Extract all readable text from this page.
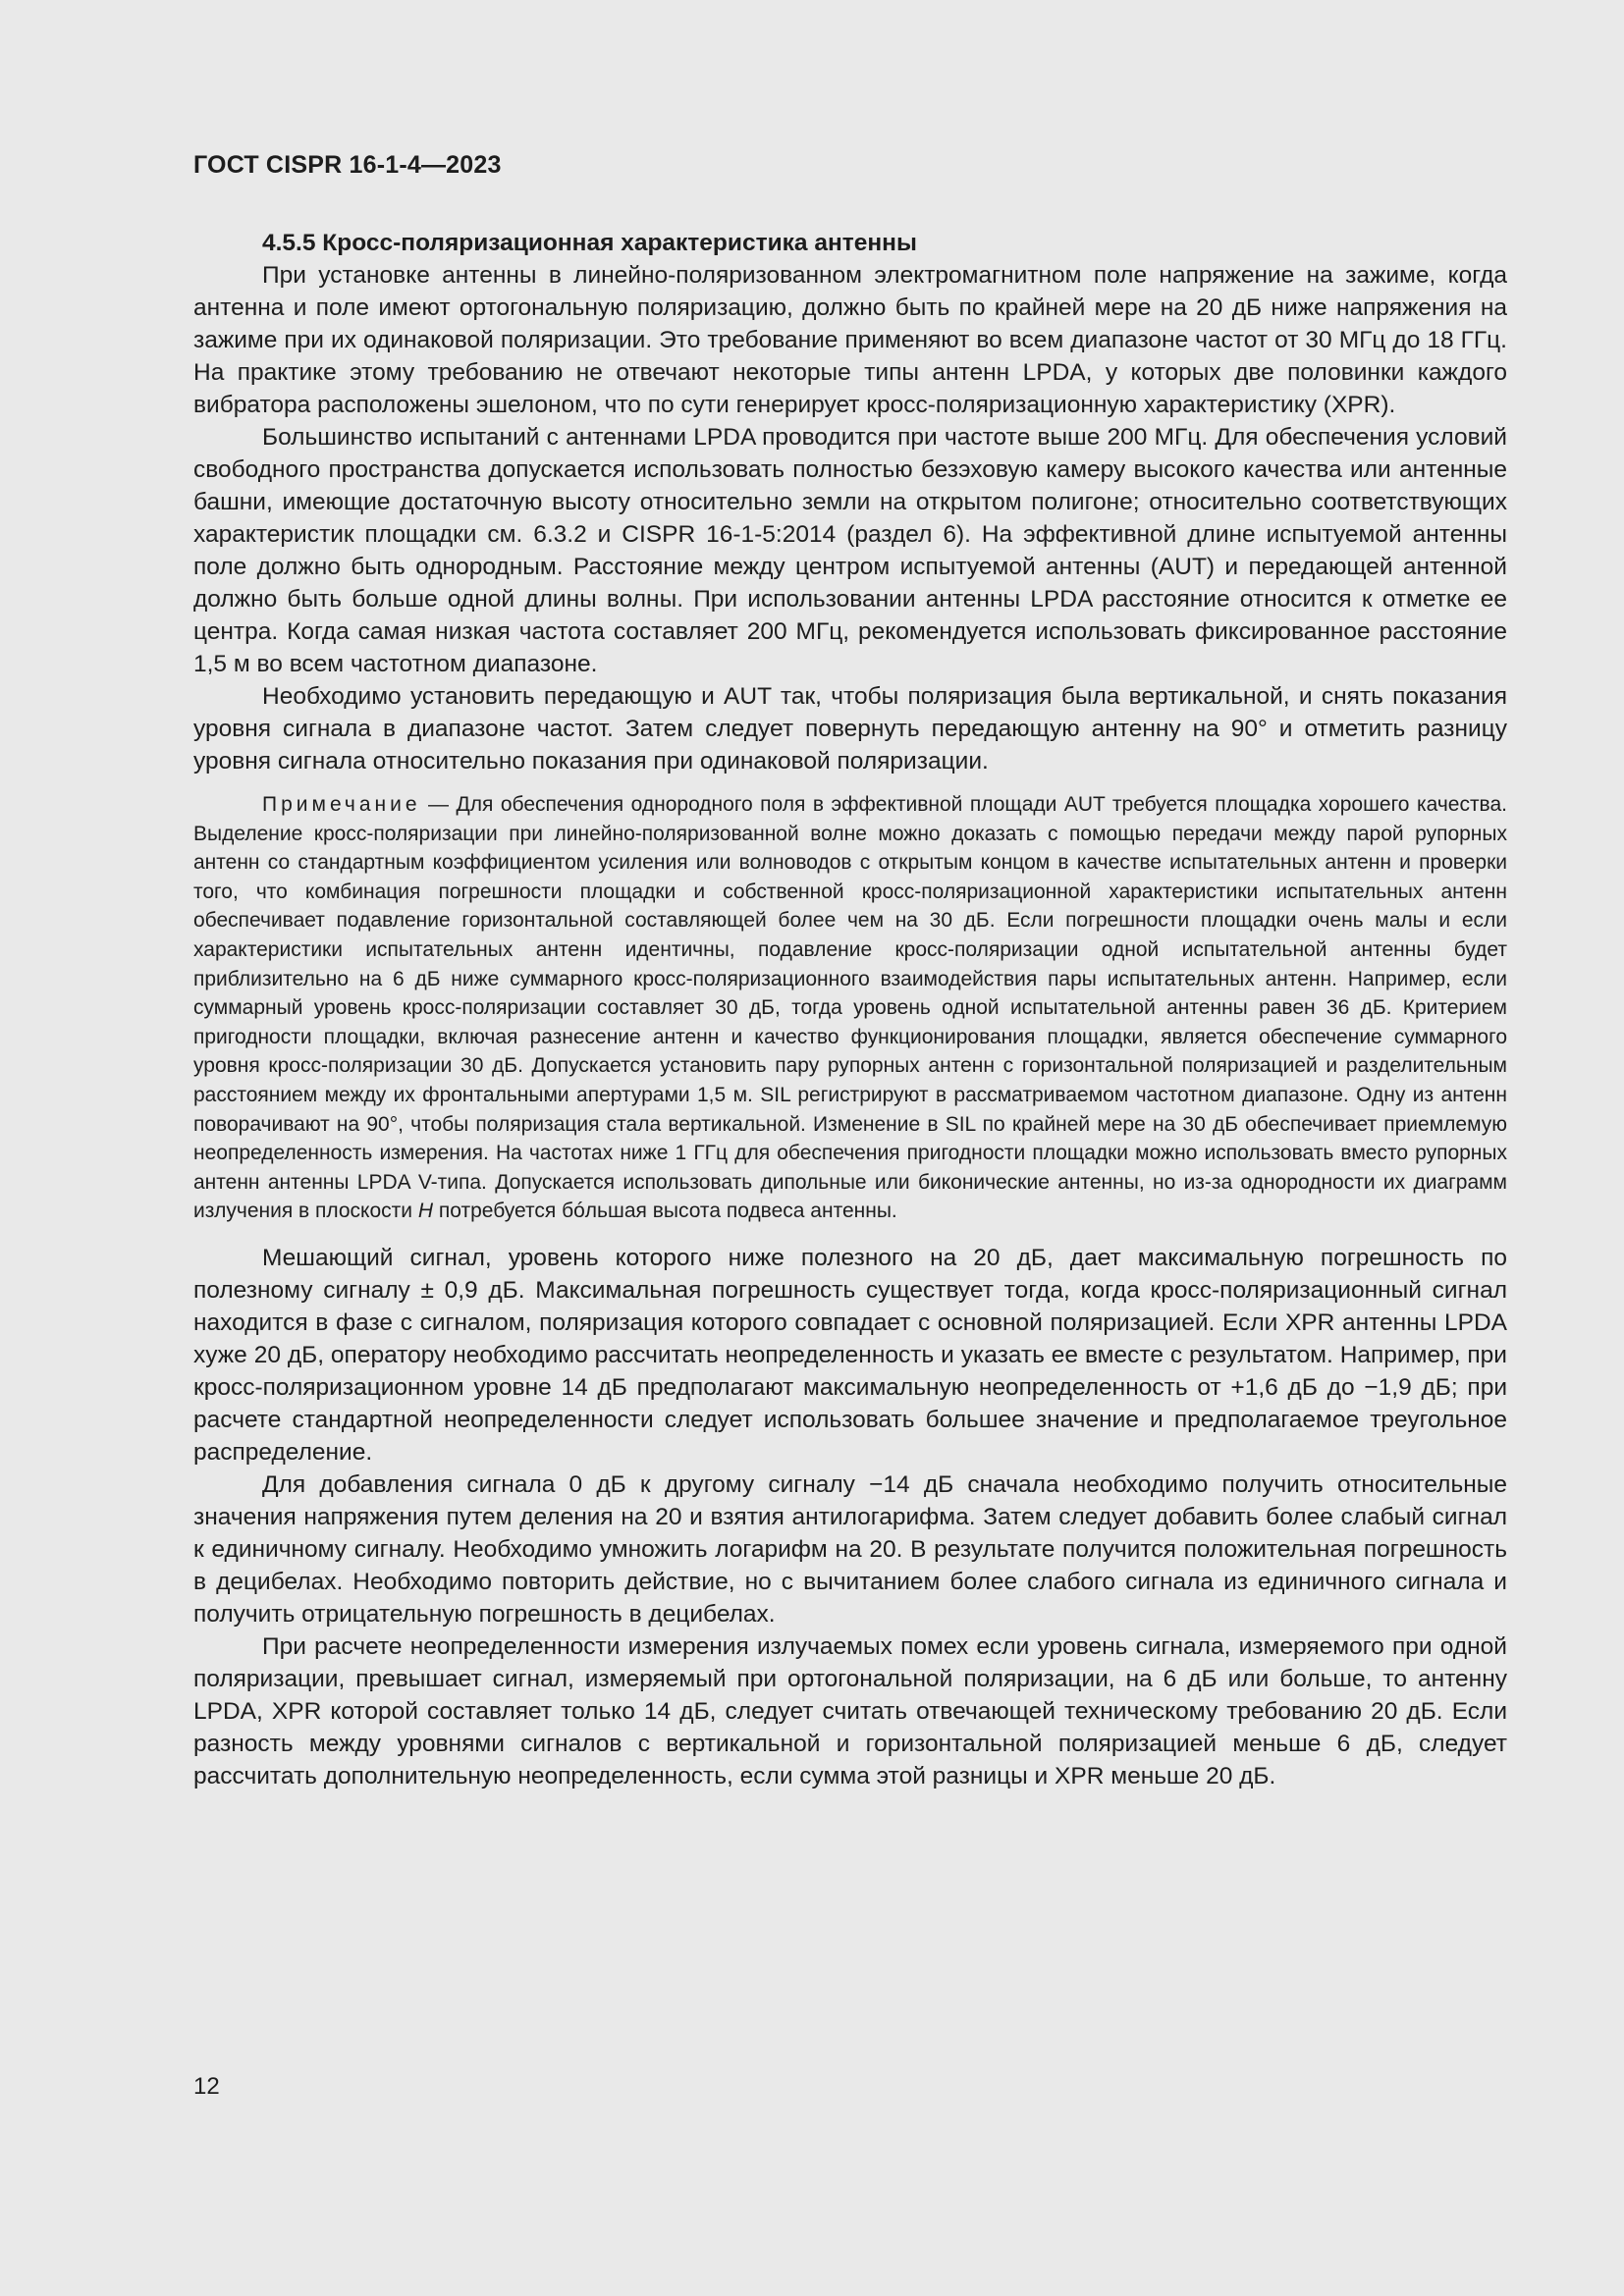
ГОСТ CISPR 16-1-4—2023

4.5.5 Кросс-поляризационная характеристика антенны

При установке антенны в линейно-поляризованном электромагнитном поле напряжение на зажиме, когда антенна и поле имеют ортогональную поляризацию, должно быть по крайней мере на 20 дБ ниже напряжения на зажиме при их одинаковой поляризации. Это требование применяют во всем диапазоне частот от 30 МГц до 18 ГГц. На практике этому требованию не отвечают некоторые типы антенн LPDA, у которых две половинки каждого вибратора расположены эшелоном, что по сути генерирует кросс-поляризационную характеристику (XPR).

Большинство испытаний с антеннами LPDA проводится при частоте выше 200 МГц. Для обеспечения условий свободного пространства допускается использовать полностью безэховую камеру высокого качества или антенные башни, имеющие достаточную высоту относительно земли на открытом полигоне; относительно соответствующих характеристик площадки см. 6.3.2 и CISPR 16-1-5:2014 (раздел 6). На эффективной длине испытуемой антенны поле должно быть однородным. Расстояние между центром испытуемой антенны (AUT) и передающей антенной должно быть больше одной длины волны. При использовании антенны LPDA расстояние относится к отметке ее центра. Когда самая низкая частота составляет 200 МГц, рекомендуется использовать фиксированное расстояние 1,5 м во всем частотном диапазоне.

Необходимо установить передающую и AUT так, чтобы поляризация была вертикальной, и снять показания уровня сигнала в диапазоне частот. Затем следует повернуть передающую антенну на 90° и отметить разницу уровня сигнала относительно показания при одинаковой поляризации.

Примечание — Для обеспечения однородного поля в эффективной площади AUT требуется площадка хорошего качества. Выделение кросс-поляризации при линейно-поляризованной волне можно доказать с помощью передачи между парой рупорных антенн со стандартным коэффициентом усиления или волноводов с открытым концом в качестве испытательных антенн и проверки того, что комбинация погрешности площадки и собственной кросс-поляризационной характеристики испытательных антенн обеспечивает подавление горизонтальной составляющей более чем на 30 дБ. Если погрешности площадки очень малы и если характеристики испытательных антенн идентичны, подавление кросс-поляризации одной испытательной антенны будет приблизительно на 6 дБ ниже суммарного кросс-поляризационного взаимодействия пары испытательных антенн. Например, если суммарный уровень кросс-поляризации составляет 30 дБ, тогда уровень одной испытательной антенны равен 36 дБ. Критерием пригодности площадки, включая разнесение антенн и качество функционирования площадки, является обеспечение суммарного уровня кросс-поляризации 30 дБ. Допускается установить пару рупорных антенн с горизонтальной поляризацией и разделительным расстоянием между их фронтальными апертурами 1,5 м. SIL регистрируют в рассматриваемом частотном диапазоне. Одну из антенн поворачивают на 90°, чтобы поляризация стала вертикальной. Изменение в SIL по крайней мере на 30 дБ обеспечивает приемлемую неопределенность измерения. На частотах ниже 1 ГГц для обеспечения пригодности площадки можно использовать вместо рупорных антенн антенны LPDA V-типа. Допускается использовать дипольные или биконические антенны, но из-за однородности их диаграмм излучения в плоскости H потребуется бóльшая высота подвеса антенны.

Мешающий сигнал, уровень которого ниже полезного на 20 дБ, дает максимальную погрешность по полезному сигналу ± 0,9 дБ. Максимальная погрешность существует тогда, когда кросс-поляризационный сигнал находится в фазе с сигналом, поляризация которого совпадает с основной поляризацией. Если XPR антенны LPDA хуже 20 дБ, оператору необходимо рассчитать неопределенность и указать ее вместе с результатом. Например, при кросс-поляризационном уровне 14 дБ предполагают максимальную неопределенность от +1,6 дБ до −1,9 дБ; при расчете стандартной неопределенности следует использовать большее значение и предполагаемое треугольное распределение.

Для добавления сигнала 0 дБ к другому сигналу −14 дБ сначала необходимо получить относительные значения напряжения путем деления на 20 и взятия антилогарифма. Затем следует добавить более слабый сигнал к единичному сигналу. Необходимо умножить логарифм на 20. В результате получится положительная погрешность в децибелах. Необходимо повторить действие, но с вычитанием более слабого сигнала из единичного сигнала и получить отрицательную погрешность в децибелах.

При расчете неопределенности измерения излучаемых помех если уровень сигнала, измеряемого при одной поляризации, превышает сигнал, измеряемый при ортогональной поляризации, на 6 дБ или больше, то антенну LPDA, XPR которой составляет только 14 дБ, следует считать отвечающей техническому требованию 20 дБ. Если разность между уровнями сигналов с вертикальной и горизонтальной поляризацией меньше 6 дБ, следует рассчитать дополнительную неопределенность, если сумма этой разницы и XPR меньше 20 дБ.

12
